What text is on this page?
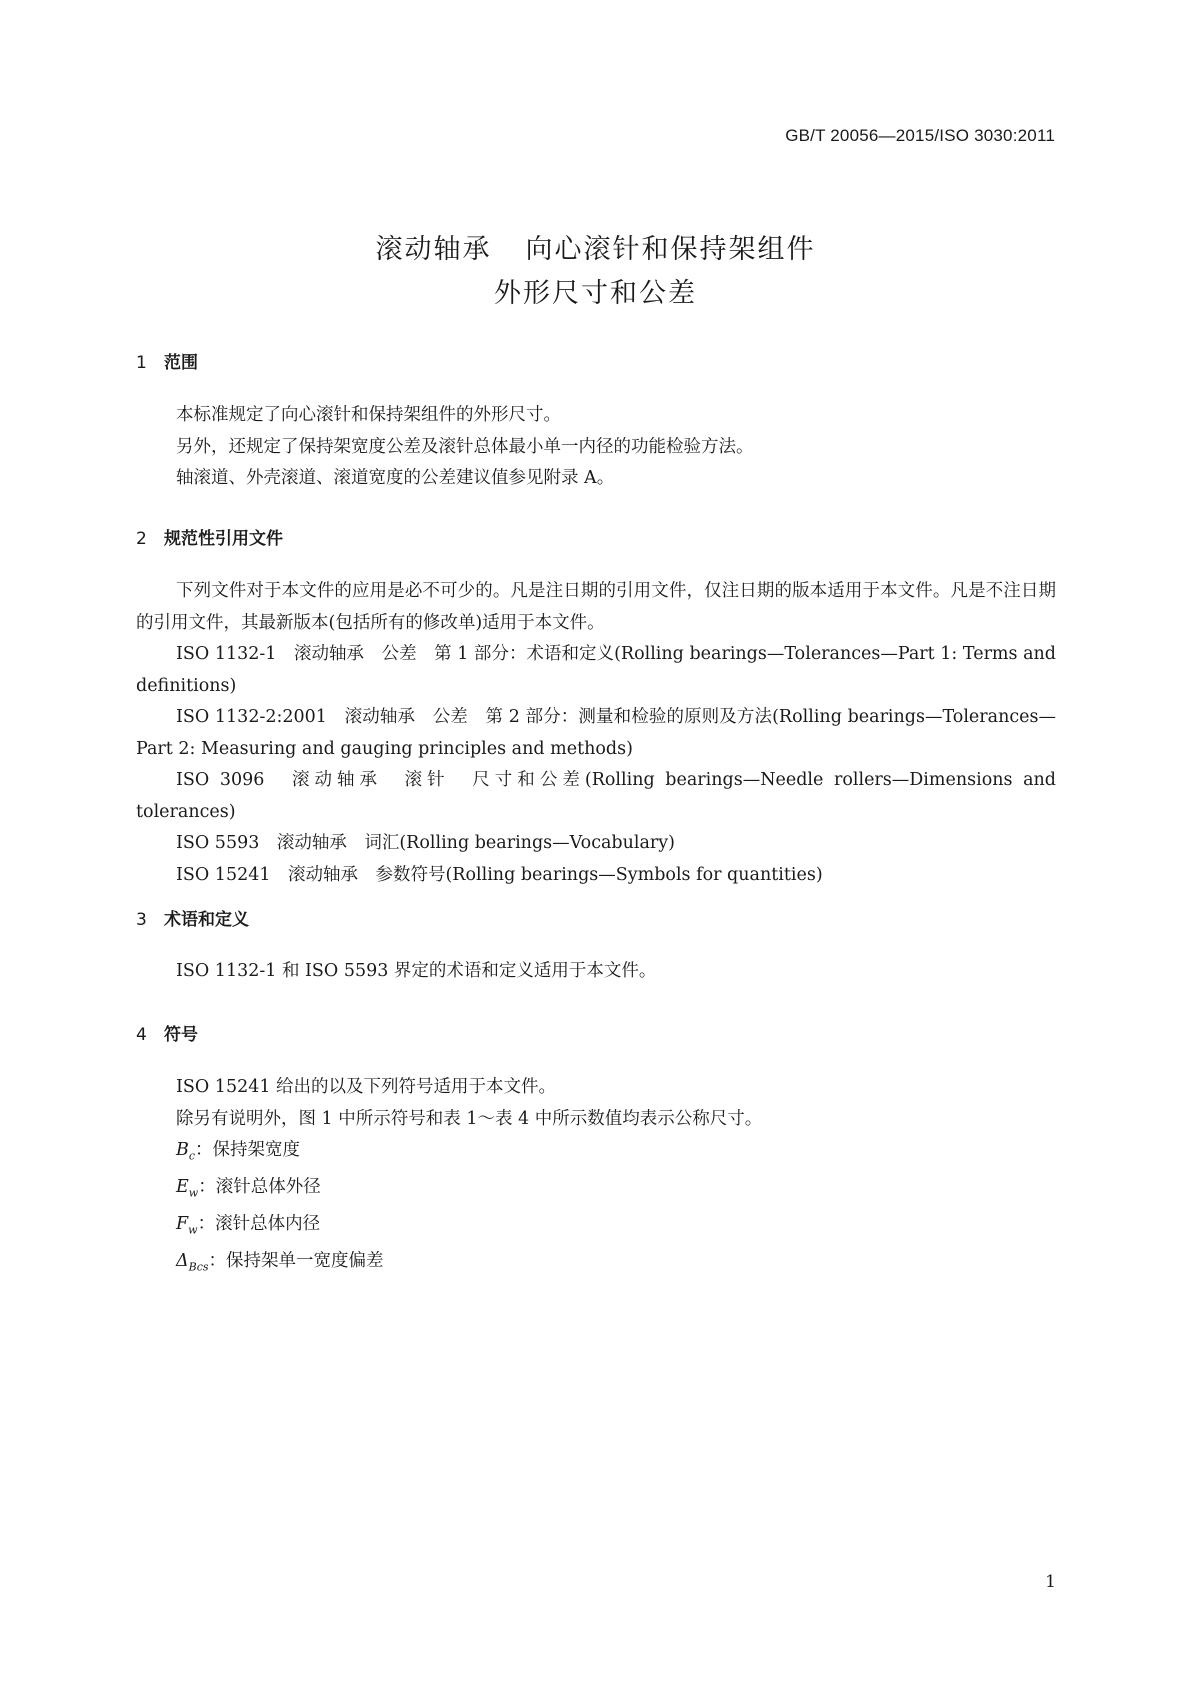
GB/T 20056—2015/ISO 3030:2011
滚动轴承 向心滚针和保持架组件
外形尺寸和公差
1 范围

本标准规定了向心滚针和保持架组件的外形尺寸。

另外，还规定了保持架宽度公差及滚针总体最小单一内径的功能检验方法。

轴滚道、外壳滚道、滚道宽度的公差建议值参见附录 A。

2 规范性引用文件

下列文件对于本文件的应用是必不可少的。凡是注日期的引用文件，仅注日期的版本适用于本文件。凡是不注日期的引用文件，其最新版本(包括所有的修改单)适用于本文件。

ISO 1132-1　滚动轴承　公差　第 1 部分：术语和定义(Rolling bearings—Tolerances—Part 1: Terms and definitions)

ISO 1132-2:2001　滚动轴承　公差　第 2 部分：测量和检验的原则及方法(Rolling bearings—Tolerances—Part 2: Measuring and gauging principles and methods)

ISO 3096　滚动轴承　滚针　尺寸和公差(Rolling bearings—Needle rollers—Dimensions and tolerances)

ISO 5593　滚动轴承　词汇(Rolling bearings—Vocabulary)

ISO 15241　滚动轴承　参数符号(Rolling bearings—Symbols for quantities)

3 术语和定义

ISO 1132-1 和 ISO 5593 界定的术语和定义适用于本文件。

4 符号

ISO 15241 给出的以及下列符号适用于本文件。

除另有说明外，图 1 中所示符号和表 1～表 4 中所示数值均表示公称尺寸。

$B_c$：保持架宽度

$E_w$：滚针总体外径

$F_w$：滚针总体内径

$\Delta_{Bcs}$：保持架单一宽度偏差

1
